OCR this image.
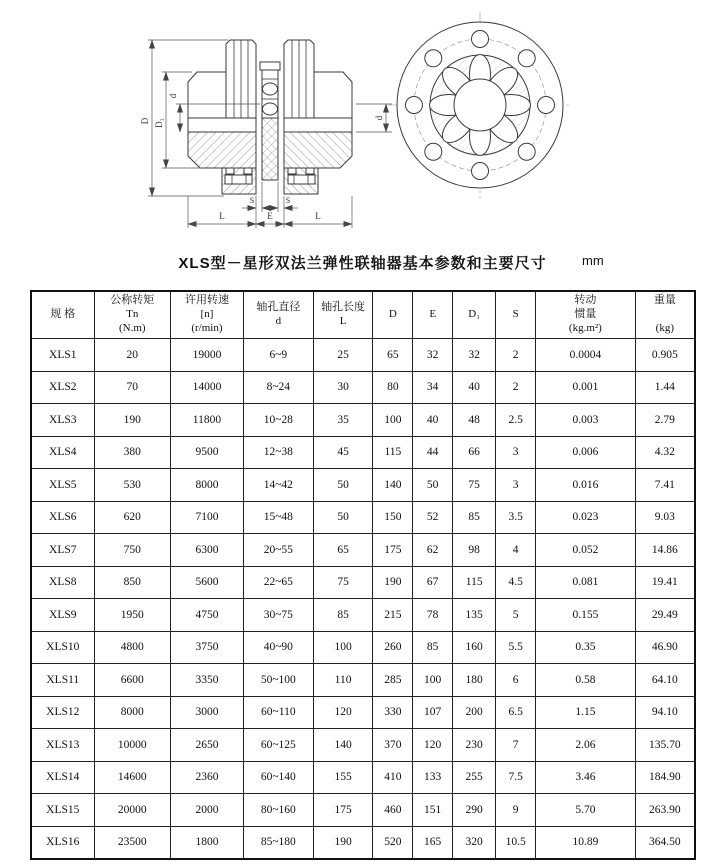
D D₁
d
d
S	S
L	E	L
XLS型－星形双法兰弹性联轴器基本参数和主要尺寸	mm
规 格

公称转矩
Tn
(N.m)

许用转速
[n]
(r/min)

轴孔直径
d

轴孔长度
L

D	E	D₁	S

转动
惯量
(kg.m²)

重量

(kg)

XLS1	20	19000	6~9	25	65	32	32	2	0.0004	0.905
XLS2	70	14000	8~24	30	80	34	40	2	0.001	1.44
XLS3	190	11800	10~28	35	100	40	48	2.5	0.003	2.79
XLS4	380	9500	12~38	45	115	44	66	3	0.006	4.32
XLS5	530	8000	14~42	50	140	50	75	3	0.016	7.41
XLS6	620	7100	15~48	50	150	52	85	3.5	0.023	9.03
XLS7	750	6300	20~55	65	175	62	98	4	0.052	14.86
XLS8	850	5600	22~65	75	190	67	115	4.5	0.081	19.41
XLS9	1950	4750	30~75	85	215	78	135	5	0.155	29.49
XLS10	4800	3750	40~90	100	260	85	160	5.5	0.35	46.90
XLS11	6600	3350	50~100	110	285	100	180	6	0.58	64.10
XLS12	8000	3000	60~110	120	330	107	200	6.5	1.15	94.10
XLS13	10000	2650	60~125	140	370	120	230	7	2.06	135.70
XLS14	14600	2360	60~140	155	410	133	255	7.5	3.46	184.90
XLS15	20000	2000	80~160	175	460	151	290	9	5.70	263.90
XLS16	23500	1800	85~180	190	520	165	320	10.5	10.89	364.50
